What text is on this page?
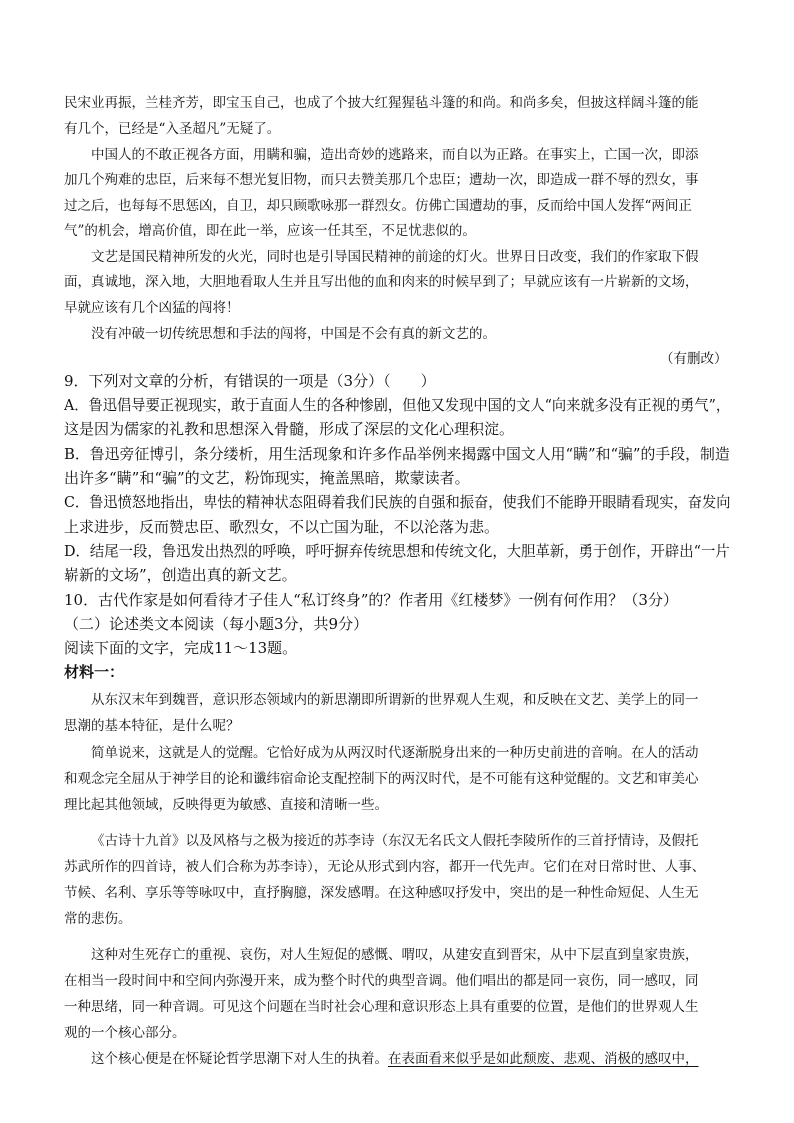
民宋业再振，兰桂齐芳，即宝玉自己，也成了个披大红猩猩毡斗篷的和尚。和尚多矣，但披这样阔斗篷的能
有几个，已经是“入圣超凡”无疑了。
中国人的不敢正视各方面，用瞒和骗，造出奇妙的逃路来，而自以为正路。在事实上，亡国一次，即添
加几个殉难的忠臣，后来每不想光复旧物，而只去赞美那几个忠臣；遭劫一次，即造成一群不辱的烈女，事
过之后，也每每不思惩凶，自卫，却只顾歌咏那一群烈女。仿佛亡国遭劫的事，反而给中国人发挥“两间正
气”的机会，增高价值，即在此一举，应该一任其至，不足忧悲似的。
文艺是国民精神所发的火光，同时也是引导国民精神的前途的灯火。世界日日改变，我们的作家取下假
面，真诚地，深入地，大胆地看取人生并且写出他的血和肉来的时候早到了；早就应该有一片崭新的文场，
早就应该有几个凶猛的闯将！
没有冲破一切传统思想和手法的闯将，中国是不会有真的新文艺的。
（有删改）
9．下列对文章的分析，有错误的一项是（3分）（　　）
A．鲁迅倡导要正视现实，敢于直面人生的各种惨剧，但他又发现中国的文人“向来就多没有正视的勇气”，
这是因为儒家的礼教和思想深入骨髓，形成了深层的文化心理积淀。
B．鲁迅旁征博引，条分缕析，用生活现象和许多作品举例来揭露中国文人用“瞒”和“骗”的手段，制造
出许多“瞒”和“骗”的文艺，粉饰现实，掩盖黑暗，欺蒙读者。
C．鲁迅愤怒地指出，卑怯的精神状态阻碍着我们民族的自强和振奋，使我们不能睁开眼睛看现实，奋发向
上求进步，反而赞忠臣、歌烈女，不以亡国为耻，不以沦落为悲。
D．结尾一段，鲁迅发出热烈的呼唤，呼吁摒弃传统思想和传统文化，大胆革新，勇于创作，开辟出“一片
崭新的文场”，创造出真的新文艺。
10．古代作家是如何看待才子佳人“私订终身”的？作者用《红楼梦》一例有何作用？（3分）
（二）论述类文本阅读（每小题3分，共9分）
阅读下面的文字，完成11～13题。
材料一：
从东汉末年到魏晋，意识形态领域内的新思潮即所谓新的世界观人生观，和反映在文艺、美学上的同一
思潮的基本特征，是什么呢？
简单说来，这就是人的觉醒。它恰好成为从两汉时代逐渐脱身出来的一种历史前进的音响。在人的活动
和观念完全屈从于神学目的论和谶纬宿命论支配控制下的两汉时代，是不可能有这种觉醒的。文艺和审美心
理比起其他领域，反映得更为敏感、直接和清晰一些。
《古诗十九首》以及风格与之极为接近的苏李诗（东汉无名氏文人假托李陵所作的三首抒情诗，及假托
苏武所作的四首诗，被人们合称为苏李诗），无论从形式到内容，都开一代先声。它们在对日常时世、人事、
节候、名利、享乐等等咏叹中，直抒胸臆，深发感喟。在这种感叹抒发中，突出的是一种性命短促、人生无
常的悲伤。
这种对生死存亡的重视、哀伤，对人生短促的感慨、喟叹，从建安直到晋宋，从中下层直到皇家贵族，
在相当一段时间中和空间内弥漫开来，成为整个时代的典型音调。他们唱出的都是同一哀伤，同一感叹，同
一种思绪，同一种音调。可见这个问题在当时社会心理和意识形态上具有重要的位置，是他们的世界观人生
观的一个核心部分。
这个核心便是在怀疑论哲学思潮下对人生的执着。在表面看来似乎是如此颓废、悲观、消极的感叹中，
